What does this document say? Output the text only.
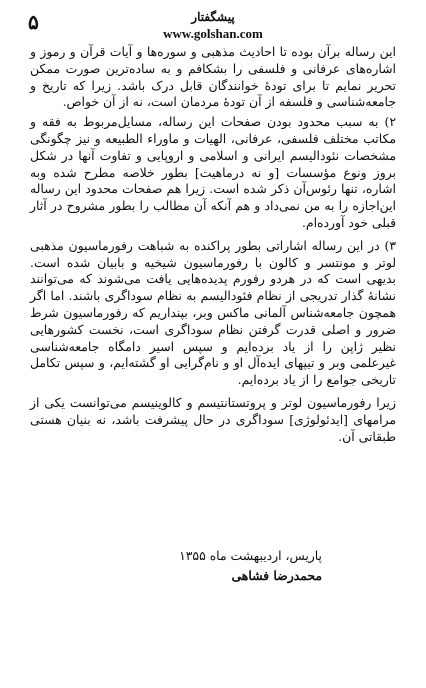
۵	پیشگفتار
www.golshan.com

این رساله برآن بوده تا احادیث مذهبی و سوره‌ها و آیات قرآن و رموز و اشاره‌های عرفانی و فلسفی را بشکافم و به ساده‌ترین صورت ممکن تحریر نمایم تا برای تودهٔ خوانندگان قابل درک باشد. زیرا که تاریخ و جامعه‌شناسی و فلسفه از آن تودهٔ مردمان است، نه از آن خواص.

۲) به سبب محدود بودن صفحات این رساله، مسایل‌مربوط به فقه و مکاتب مختلف فلسفی، عرفانی، الهیات و ماوراء الطبیعه و نیز چگونگی مشخصات نئودالیسم ایرانی و اسلامی و اروپایی و تفاوت آنها در شکل بروز ونوع مؤسسات [و نه درماهیت] بطور خلاصه مطرح شده وبه اشاره، تنها رئوس‌آن ذکر شده است. زیرا هم صفحات محدود این رساله این‌اجازه را به من نمی‌داد و هم آنکه آن مطالب را بطور مشروح در آثار قبلی خود آورده‌ام.

۳) در این رساله اشاراتی بطور پراکنده به شباهت رفورماسیون مذهبی لوتر و مونتسر و کالون با رفورماسیون شیخیه و بابیان شده است. بدیهی است که در هردو رفورم پدیده‌هایی یافت می‌شوند که می‌توانند نشانهٔ گذار تدریجی از نظام فئودالیسم به نظام سوداگری باشند. اما اگر همچون جامعه‌شناس آلمانی ماکس وبر، بپنداریم که رفورماسیون شرط ضرور و اصلی قدرت گرفتن نظام سوداگری است، نخست کشورهایی نظیر ژاپن را از یاد برده‌ایم و سپس اسیر دامگاه جامعه‌شناسی غیرعلمی وبر و تیپهای ایده‌آل او و نام‌گرایی او گشته‌ایم، و سپس تکامل تاریخی جوامع را از یاد برده‌ایم.

زیرا رفورماسیون لوتر و پروتستانتیسم و کالوینیسم می‌توانست یکی از مرامهای [ایدئولوژی] سوداگری در حال پیشرفت باشد، نه بنیان هستی طبقاتی آن.

پاریس، اردیبهشت ماه ۱۳۵۵
محمدرضا فشاهی
